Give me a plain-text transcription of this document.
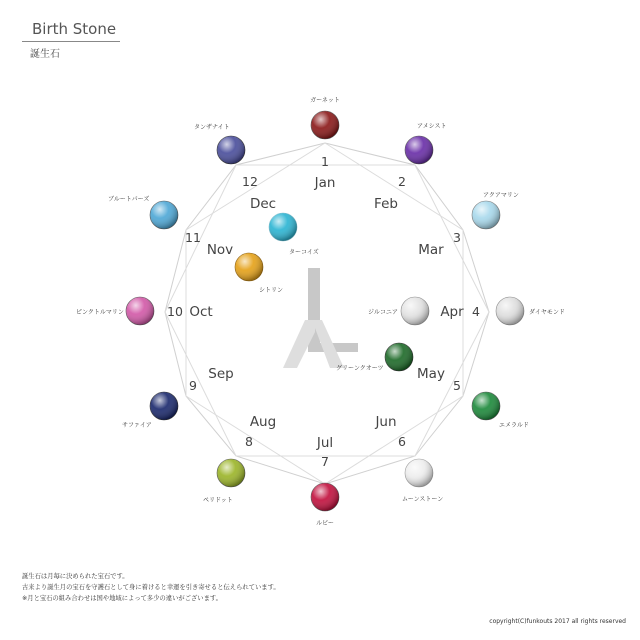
Birth Stone
誕生石
1
Jan	2
Feb
3
Mar
4
Apr
5
May
6
Jun
7
Jul
8
Aug
9
Sep
10 Oct
11
Nov
12
Dec
ガーネット
アメシスト
アクアマリン
ダイヤモンド
エメラルド
ムーンストーン
ルビー
ペリドット
サファイア
ピンクトルマリン
ブルートパーズ
タンザナイト
ターコイズ
シトリン
ジルコニア
グリーンクオーツ
誕生石は月毎に決められた宝石です。
古来より誕生月の宝石を守護石として身に着けると幸運を引き寄せると伝えられています。
※月と宝石の組み合わせは国や地域によって多少の違いがございます。
copyright(C)funkouts 2017 all rights reserved
